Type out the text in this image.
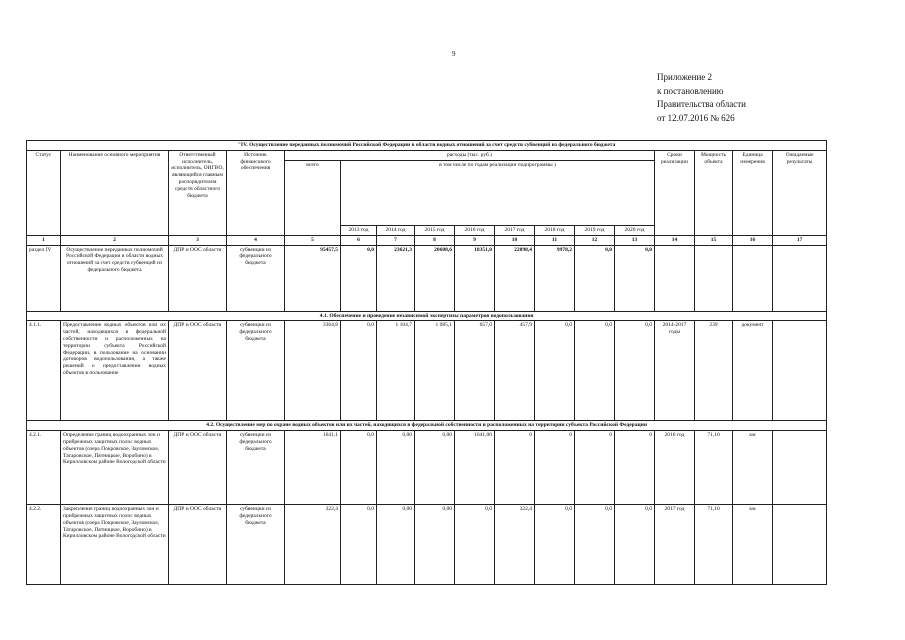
9
Приложение 2
к постановлению
Правительства области
от 12.07.2016 № 626
"IV. Осуществление переданных полномочий Российской Федерации в области водных отношений за счет средств субвенций из федерального бюджета																
Статус	Наименование основного мероприятия	Ответственный исполнитель, исполнитель, ОИГВО, являющийся главным распорядителем средств областного бюджета	Источник финансового обеспечения	расходы (тыс. руб.)									Сроки реализации	Мощность объекта	Единица измерения	Ожидаемые результаты
				всего	в том числе по годам реализации подпрограммы )											
					2013 год	2014 год	2015 год	2016 год	2017 год	2018 год	2019 год	2020 год				
1	2	3	4	5	6	7	8	9	10	11	12	13	14	15	16	17
раздел IV	Осуществление переданных полномочий Российской Федерации в области водных отношений за счет средств субвенций из федерального бюджета	ДПР и ООС области	субвенции из федерального бюджета	95457,5	0,0	23621,3	20608,6	18351,0	22898,4	9978,2	0,0	0,0				
4.1. Обеспечение и проведение независимой экспертизы параметров водопользования																
4.1.1.	Предоставление водных объектов или их частей, находящихся в федеральной собственности и расположенных на территории субъекта Российской Федерации, в пользование на основании договоров водопользования, а также решений о предоставлении водных объектов в пользование	ДПР и ООС области	субвенции из федерального бюджета	3364,8	0,0	1 104,7	1 085,1	657,0	457,9	0,0	0,0	0,0	2014-2017 годы	239	документ	
4.2. Осуществление мер по охране водных объектов или их частей, находящихся в федеральной собственности и расположенных на территории субъекта Российской Федерации																
4.2.1.	Определение границ водоохранных зон и прибрежных защитных полос водных объектов (озера Покровское, Зауломское, Татаровское, Пятницкое, Воробино) в Кирилловском районе Вологодской области	ДПР и ООС области	субвенции из федерального бюджета	1641,1	0,0	0,00	0,00	1641,06	0	0	0	0	2016 год	71,10	км	
4.2.2.	Закрепление границ водоохранных зон и прибрежных защитных полос водных объектов (озера Покровское, Зауломское, Татаровское, Пятницкое, Воробино) в Кирилловском районе Вологодской области	ДПР и ООС области	субвенции из федерального бюджета	322,4	0,0	0,00	0,00	0,0	322,4	0,0	0,0	0,0	2017 год	71,10	км	
